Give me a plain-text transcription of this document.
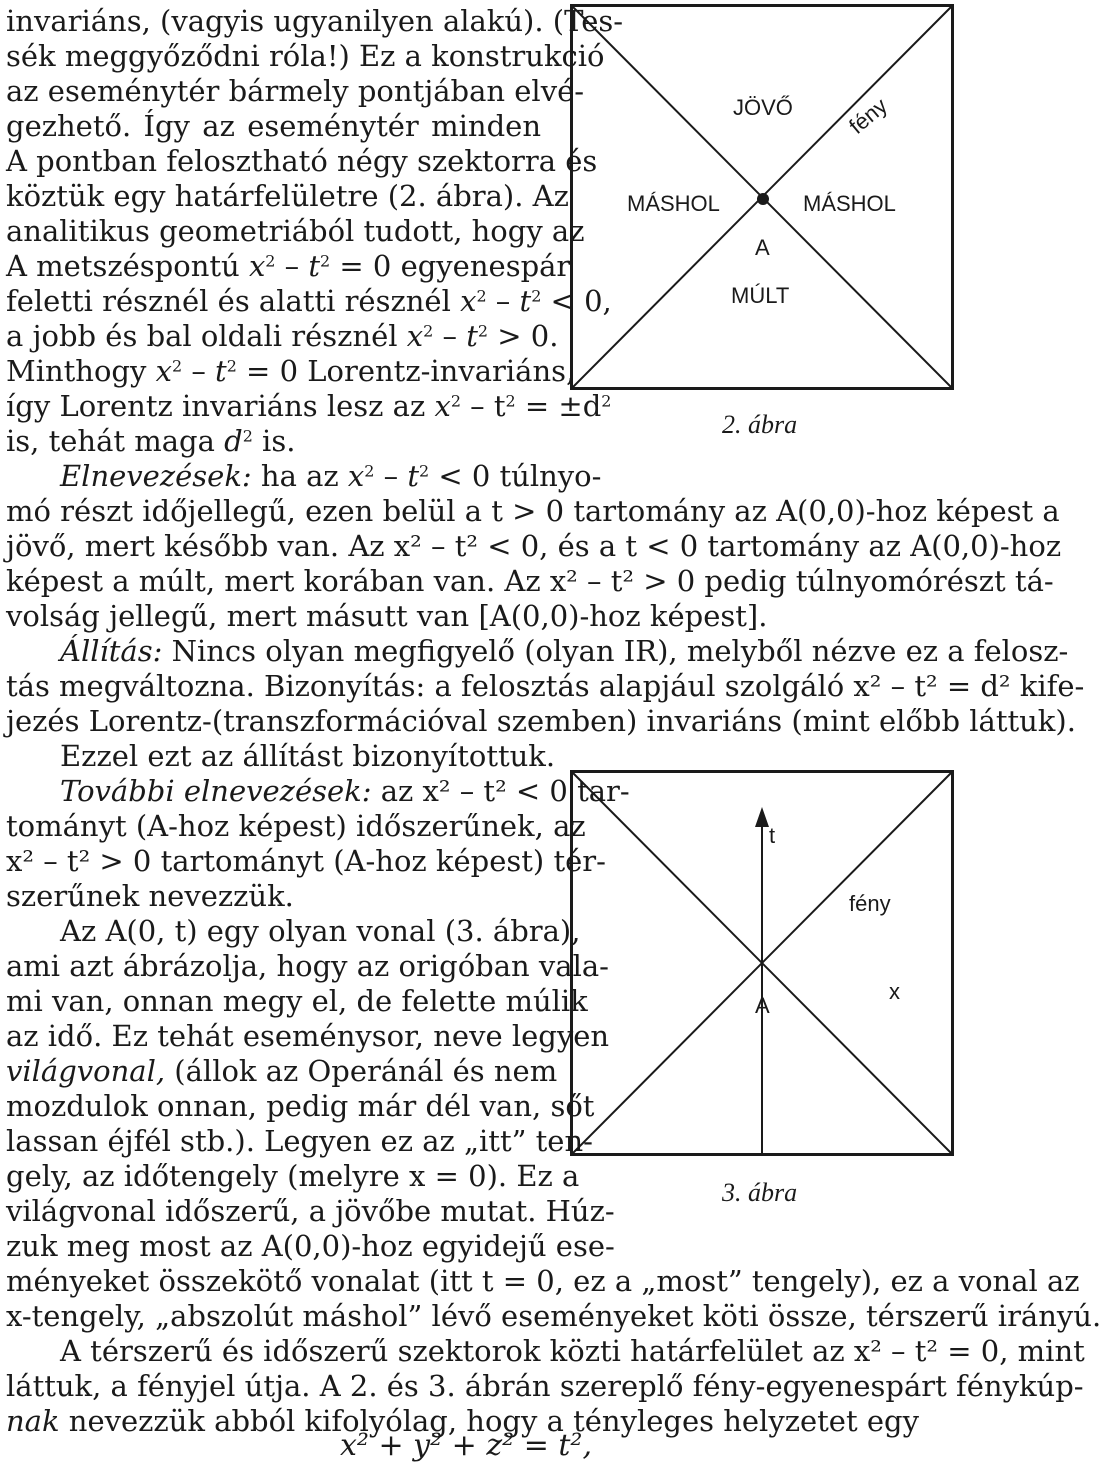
invariáns, (vagyis ugyanilyen alakú). (Tes-
sék meggyőződni róla!) Ez a konstrukció
az eseménytér bármely pontjában elvé-
gezhető. Így az eseménytér minden
A pontban felosztható négy szektorra és
köztük egy határfelületre (2. ábra). Az
analitikus geometriából tudott, hogy az
A metszéspontú $x^2 - t^2 = 0$ egyenespár
feletti résznél és alatti résznél $x^2 - t^2 < 0$,
a jobb és bal oldali résznél $x^2 - t^2 > 0$.
Minthogy $x^2 - t^2 = 0$ Lorentz-invariáns,
így Lorentz invariáns lesz az $x^2 - t^2 = \pm d^2$
is, tehát maga $d^2$ is.
Elnevezések: ha az $x^2 - t^2 < 0$ túlnyo-
mó részt időjellegű, ezen belül a t > 0 tartomány az A(0,0)-hoz képest a
jövő, mert később van. Az x² – t² < 0, és a t < 0 tartomány az A(0,0)-hoz
képest a múlt, mert korában van. Az x² – t² > 0 pedig túlnyomórészt tá-
volság jellegű, mert másutt van [A(0,0)-hoz képest].
Állítás: Nincs olyan megfigyelő (olyan IR), melyből nézve ez a felosz-
tás megváltozna. Bizonyítás: a felosztás alapjául szolgáló x² – t² = d² kife-
jezés Lorentz-(transzformációval szemben) invariáns (mint előbb láttuk).
Ezzel ezt az állítást bizonyítottuk.
További elnevezések: az x² – t² < 0 tar-
tományt (A-hoz képest) időszerűnek, az
x² – t² > 0 tartományt (A-hoz képest) tér-
szerűnek nevezzük.
Az A(0, t) egy olyan vonal (3. ábra),
ami azt ábrázolja, hogy az origóban vala-
mi van, onnan megy el, de felette múlik
az idő. Ez tehát eseménysor, neve legyen
világvonal, (állok az Operánál és nem
mozdulok onnan, pedig már dél van, sőt
lassan éjfél stb.). Legyen ez az „itt” ten-
gely, az időtengely (melyre x = 0). Ez a
világvonal időszerű, a jövőbe mutat. Húz-
zuk meg most az A(0,0)-hoz egyidejű ese-
ményeket összekötő vonalat (itt t = 0, ez a „most” tengely), ez a vonal az
x-tengely, „abszolút máshol” lévő eseményeket köti össze, térszerű irányú.
A térszerű és időszerű szektorok közti határfelület az x² – t² = 0, mint
láttuk, a fényjel útja. A 2. és 3. ábrán szereplő fény-egyenespárt fénykúp-
nak nevezzük abból kifolyólag, hogy a tényleges helyzetet egy
x² + y² + z² = t²,
JÖVŐ fény
MÁSHOL	MÁSHOL
A
MÚLT
2. ábra
t
fény
A
x
3. ábra
